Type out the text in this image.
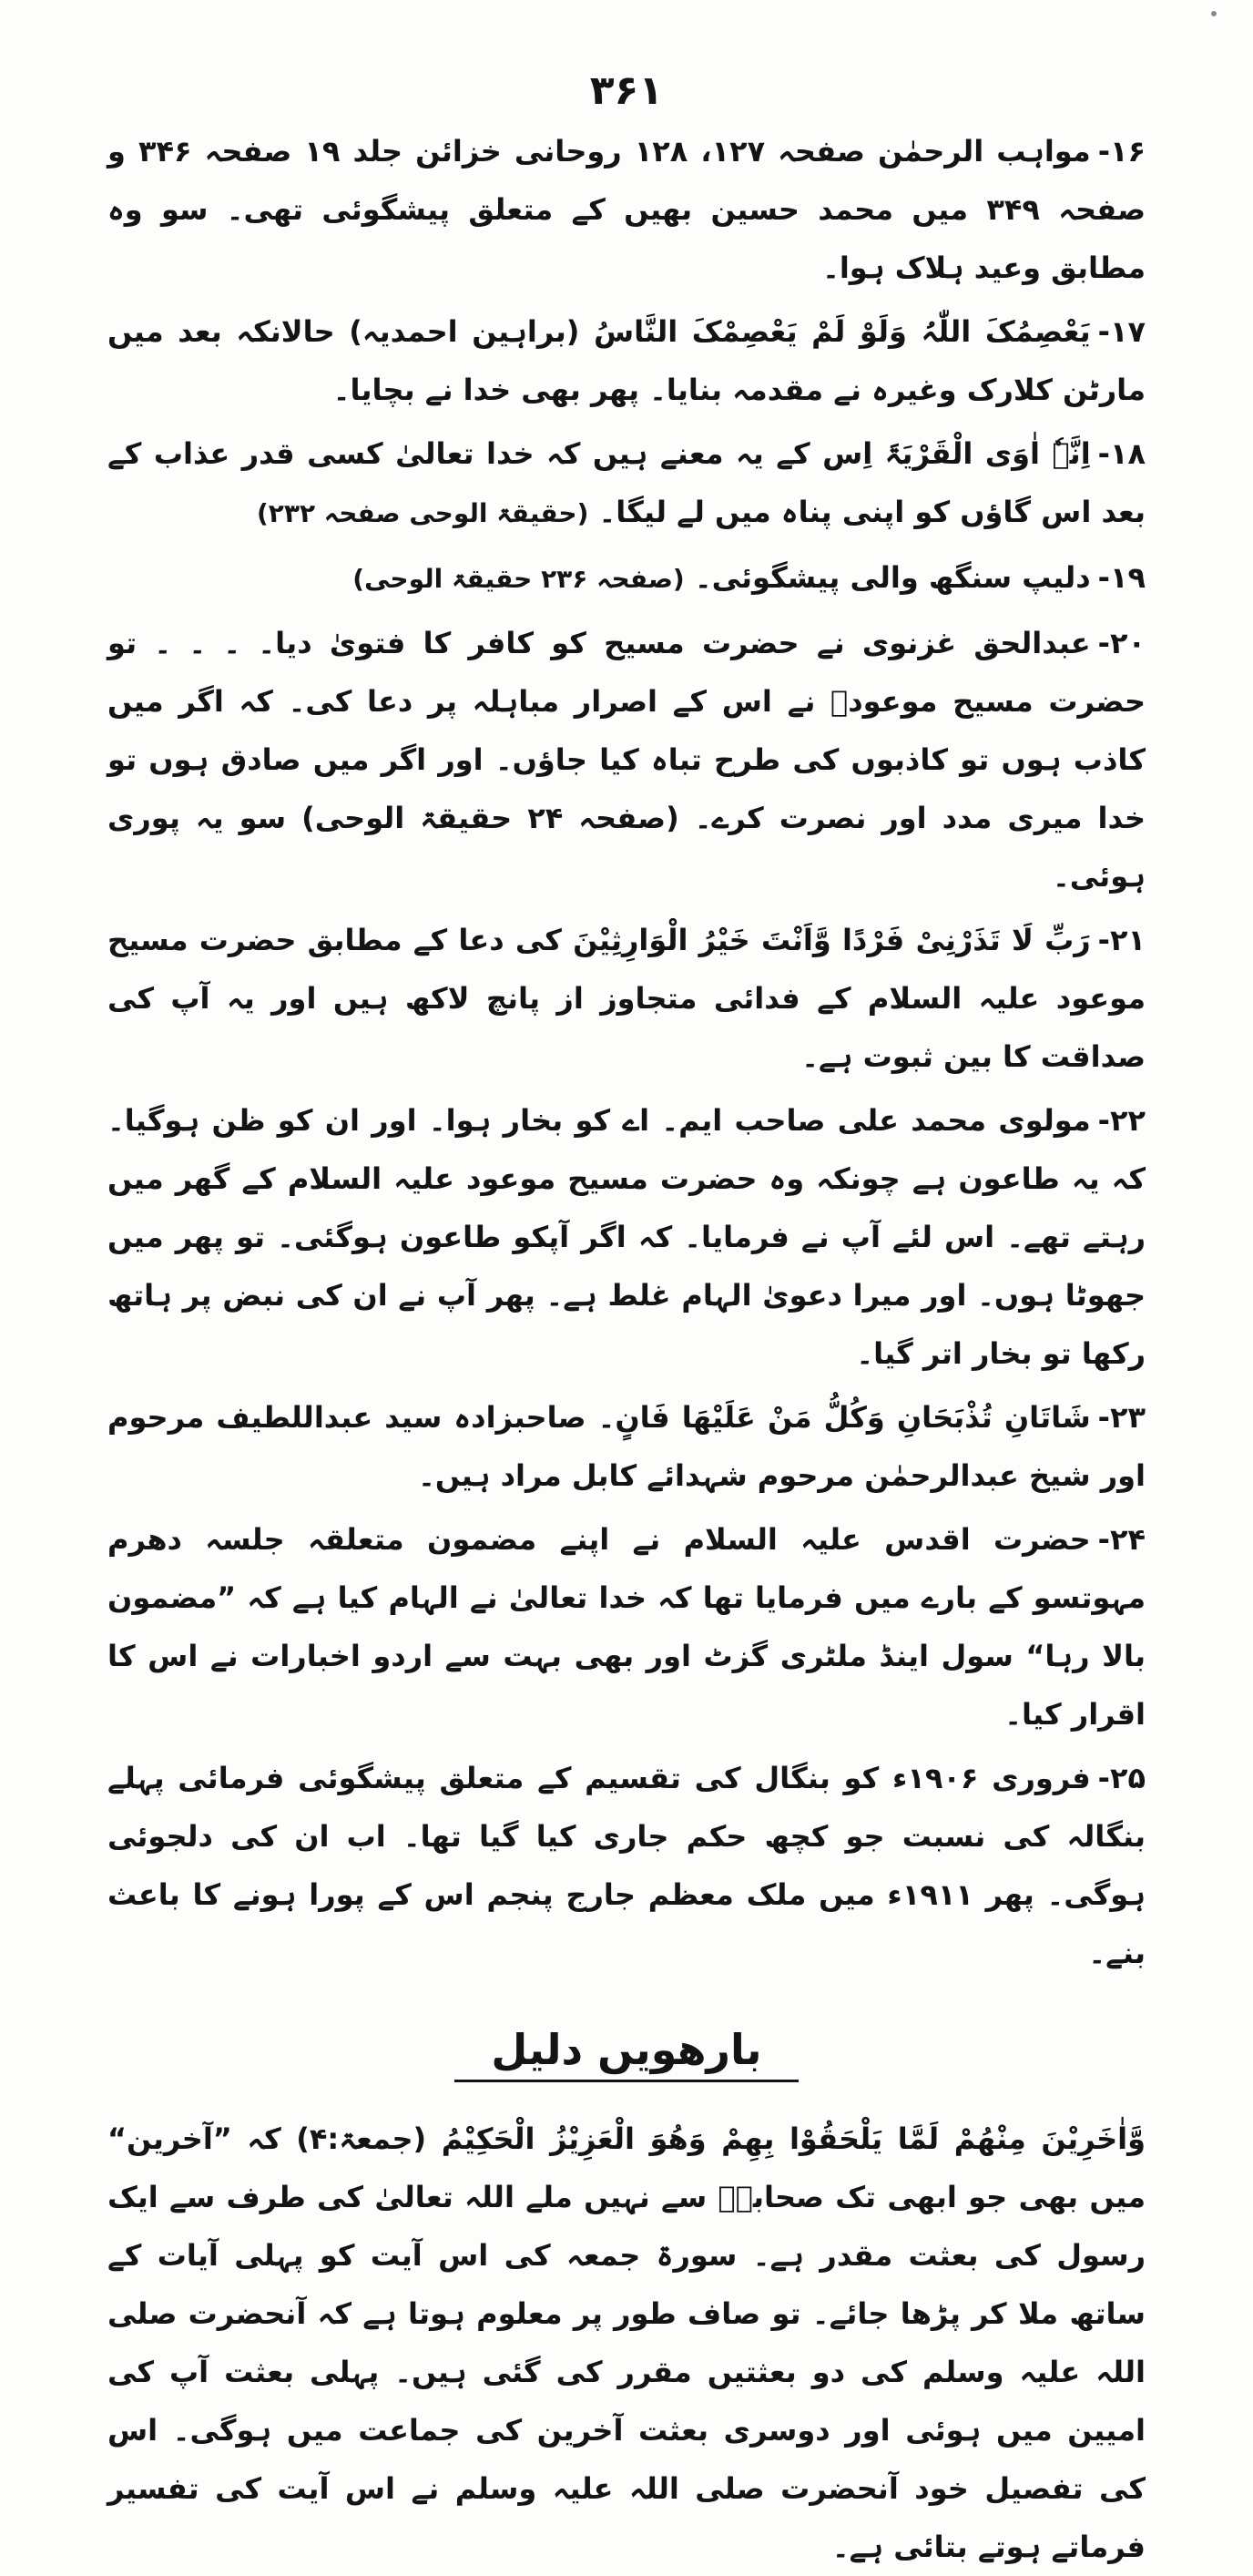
۳۶۱

۱۶-مواہب الرحمٰن صفحہ ۱۲۷، ۱۲۸ روحانی خزائن جلد ۱۹ صفحہ ۳۴۶ و صفحہ ۳۴۹ میں محمد حسین بھیں کے متعلق پیشگوئی تھی۔ سو وہ مطابق وعید ہلاک ہوا۔

۱۷-یَعْصِمُکَ اللّٰہُ وَلَوْ لَمْ یَعْصِمْکَ النَّاسُ (براہین احمدیہ) حالانکہ بعد میں مارٹن کلارک وغیرہ نے مقدمہ بنایا۔ پھر بھی خدا نے بچایا۔

۱۸-اِنَّہٗ اٰوَی الْقَرْیَۃَ اِس کے یہ معنے ہیں کہ خدا تعالیٰ کسی قدر عذاب کے بعد اس گاؤں کو اپنی پناہ میں لے لیگا۔ (حقیقۃ الوحی صفحہ ۲۳۲)

۱۹-دلیپ سنگھ والی پیشگوئی۔ (صفحہ ۲۳۶ حقیقۃ الوحی)

۲۰-عبدالحق غزنوی نے حضرت مسیح کو کافر کا فتویٰ دیا۔ ۔ ۔ ۔ تو حضرت مسیح موعودؑ نے اس کے اصرار مباہلہ پر دعا کی۔ کہ اگر میں کاذب ہوں تو کاذبوں کی طرح تباہ کیا جاؤں۔ اور اگر میں صادق ہوں تو خدا میری مدد اور نصرت کرے۔ (صفحہ ۲۴ حقیقۃ الوحی) سو یہ پوری ہوئی۔

۲۱-رَبِّ لَا تَذَرْنِیْ فَرْدًا وَّاَنْتَ خَیْرُ الْوَارِثِیْنَ کی دعا کے مطابق حضرت مسیح موعود علیہ السلام کے فدائی متجاوز از پانچ لاکھ ہیں اور یہ آپ کی صداقت کا بین ثبوت ہے۔

۲۲-مولوی محمد علی صاحب ایم۔ اے کو بخار ہوا۔ اور ان کو ظن ہوگیا۔ کہ یہ طاعون ہے چونکہ وہ حضرت مسیح موعود علیہ السلام کے گھر میں رہتے تھے۔ اس لئے آپ نے فرمایا۔ کہ اگر آپکو طاعون ہوگئی۔ تو پھر میں جھوٹا ہوں۔ اور میرا دعویٰ الہام غلط ہے۔ پھر آپ نے ان کی نبض پر ہاتھ رکھا تو بخار اتر گیا۔

۲۳-شَاتَانِ تُذْبَحَانِ وَکُلُّ مَنْ عَلَیْھَا فَانٍ۔ صاحبزادہ سید عبداللطیف مرحوم اور شیخ عبدالرحمٰن مرحوم شہدائے کابل مراد ہیں۔

۲۴-حضرت اقدس علیہ السلام نے اپنے مضمون متعلقہ جلسہ دھرم مہوتسو کے بارے میں فرمایا تھا کہ خدا تعالیٰ نے الہام کیا ہے کہ ”مضمون بالا رہا“ سول اینڈ ملٹری گزٹ اور بھی بہت سے اردو اخبارات نے اس کا اقرار کیا۔

۲۵-فروری ۱۹۰۶ء کو بنگال کی تقسیم کے متعلق پیشگوئی فرمائی پہلے بنگالہ کی نسبت جو کچھ حکم جاری کیا گیا تھا۔ اب ان کی دلجوئی ہوگی۔ پھر ۱۹۱۱ء میں ملک معظم جارج پنجم اس کے پورا ہونے کا باعث بنے۔

بارھویں دلیل

وَّاٰخَرِیْنَ مِنْھُمْ لَمَّا یَلْحَقُوْا بِھِمْ وَھُوَ الْعَزِیْزُ الْحَکِیْمُ (جمعۃ:۴) کہ ”آخرین“ میں بھی جو ابھی تک صحابہؓ سے نہیں ملے اللہ تعالیٰ کی طرف سے ایک رسول کی بعثت مقدر ہے۔ سورۃ جمعہ کی اس آیت کو پہلی آیات کے ساتھ ملا کر پڑھا جائے۔ تو صاف طور پر معلوم ہوتا ہے کہ آنحضرت صلی اللہ علیہ وسلم کی دو بعثتیں مقرر کی گئی ہیں۔ پہلی بعثت آپ کی امیین میں ہوئی اور دوسری بعثت آخرین کی جماعت میں ہوگی۔ اس کی تفصیل خود آنحضرت صلی اللہ علیہ وسلم نے اس آیت کی تفسیر فرماتے ہوتے بتائی ہے۔
